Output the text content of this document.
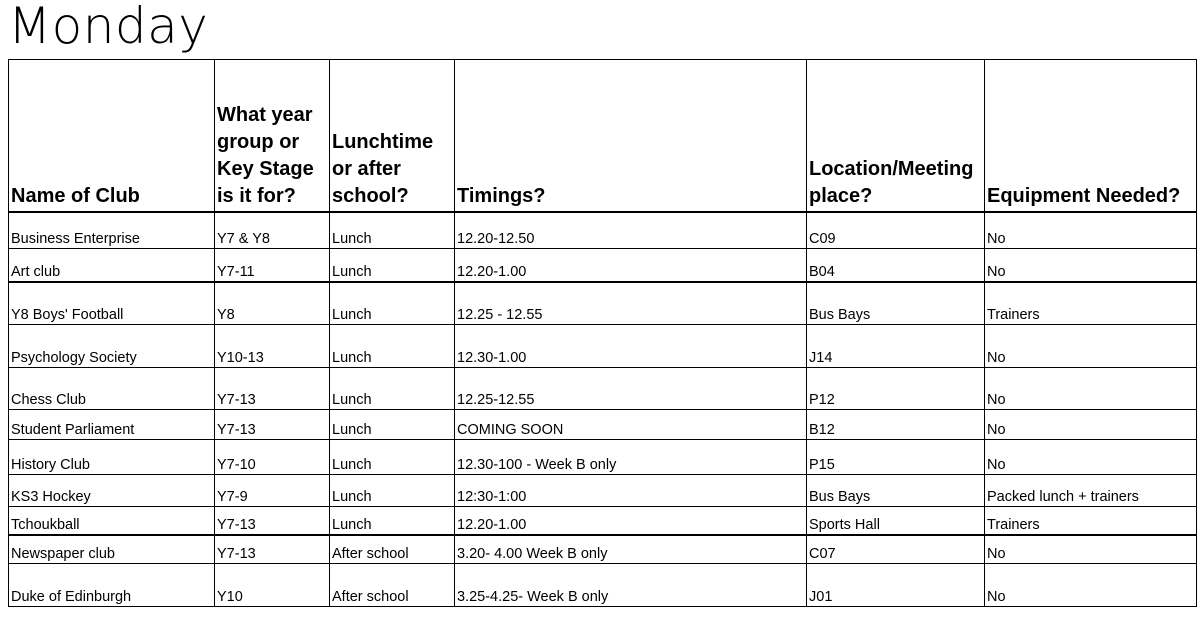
Monday
Name of Club	What year group or Key Stage is it for?	Lunchtime or after school?	Timings?	Location/Meeting place?	Equipment Needed?
Business Enterprise	Y7 & Y8	Lunch	12.20-12.50	C09	No
Art club	Y7-11	Lunch	12.20-1.00	B04	No
Y8 Boys' Football	Y8	Lunch	12.25 - 12.55	Bus Bays	Trainers
Psychology Society	Y10-13	Lunch	12.30-1.00	J14	No
Chess Club	Y7-13	Lunch	12.25-12.55	P12	No
Student Parliament	Y7-13	Lunch	COMING SOON	B12	No
History Club	Y7-10	Lunch	12.30-100 - Week B only	P15	No
KS3 Hockey	Y7-9	Lunch	12:30-1:00	Bus Bays	Packed lunch + trainers
Tchoukball	Y7-13	Lunch	12.20-1.00	Sports Hall	Trainers
Newspaper club	Y7-13	After school	3.20- 4.00 Week B only	C07	No
Duke of Edinburgh	Y10	After school	3.25-4.25- Week B only	J01	No
